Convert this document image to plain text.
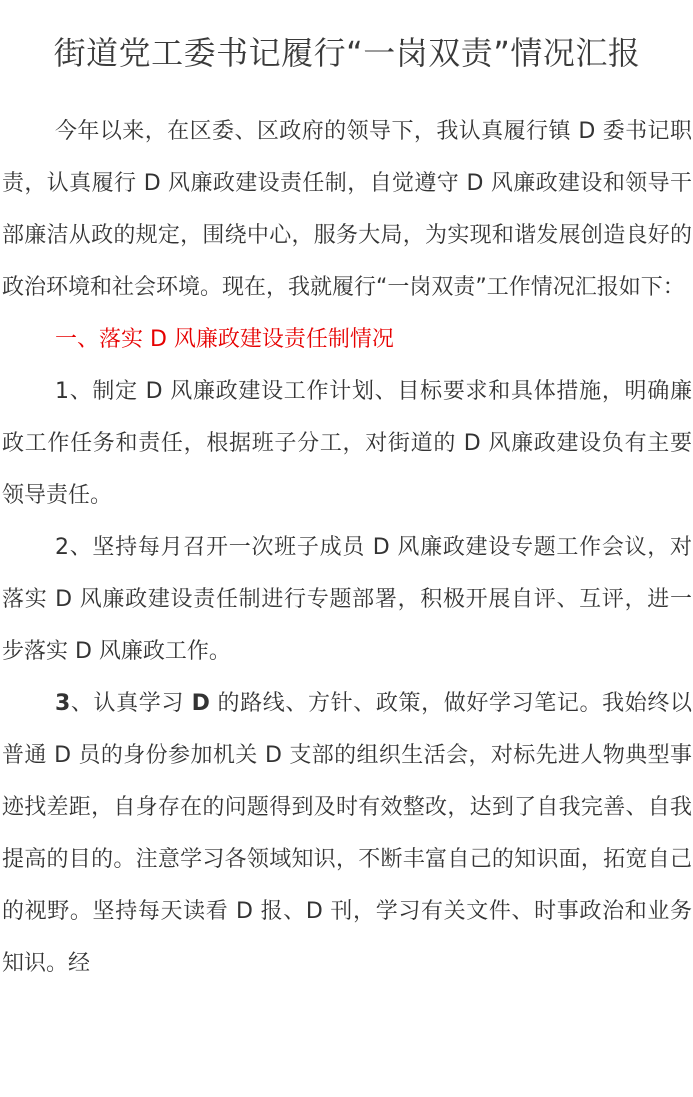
街道党工委书记履行“一岗双责”情况汇报

今年以来，在区委、区政府的领导下，我认真履行镇 D 委书记职责，认真履行 D 风廉政建设责任制，自觉遵守 D 风廉政建设和领导干部廉洁从政的规定，围绕中心，服务大局，为实现和谐发展创造良好的政治环境和社会环境。现在，我就履行“一岗双责”工作情况汇报如下：

一、落实 D 风廉政建设责任制情况

1、制定 D 风廉政建设工作计划、目标要求和具体措施，明确廉政工作任务和责任，根据班子分工，对街道的 D 风廉政建设负有主要领导责任。

2、坚持每月召开一次班子成员 D 风廉政建设专题工作会议，对落实 D 风廉政建设责任制进行专题部署，积极开展自评、互评，进一步落实 D 风廉政工作。

3、认真学习 D 的路线、方针、政策，做好学习笔记。我始终以普通 D 员的身份参加机关 D 支部的组织生活会，对标先进人物典型事迹找差距，自身存在的问题得到及时有效整改，达到了自我完善、自我提高的目的。注意学习各领域知识，不断丰富自己的知识面，拓宽自己的视野。坚持每天读看 D 报、D 刊，学习有关文件、时事政治和业务知识。经
